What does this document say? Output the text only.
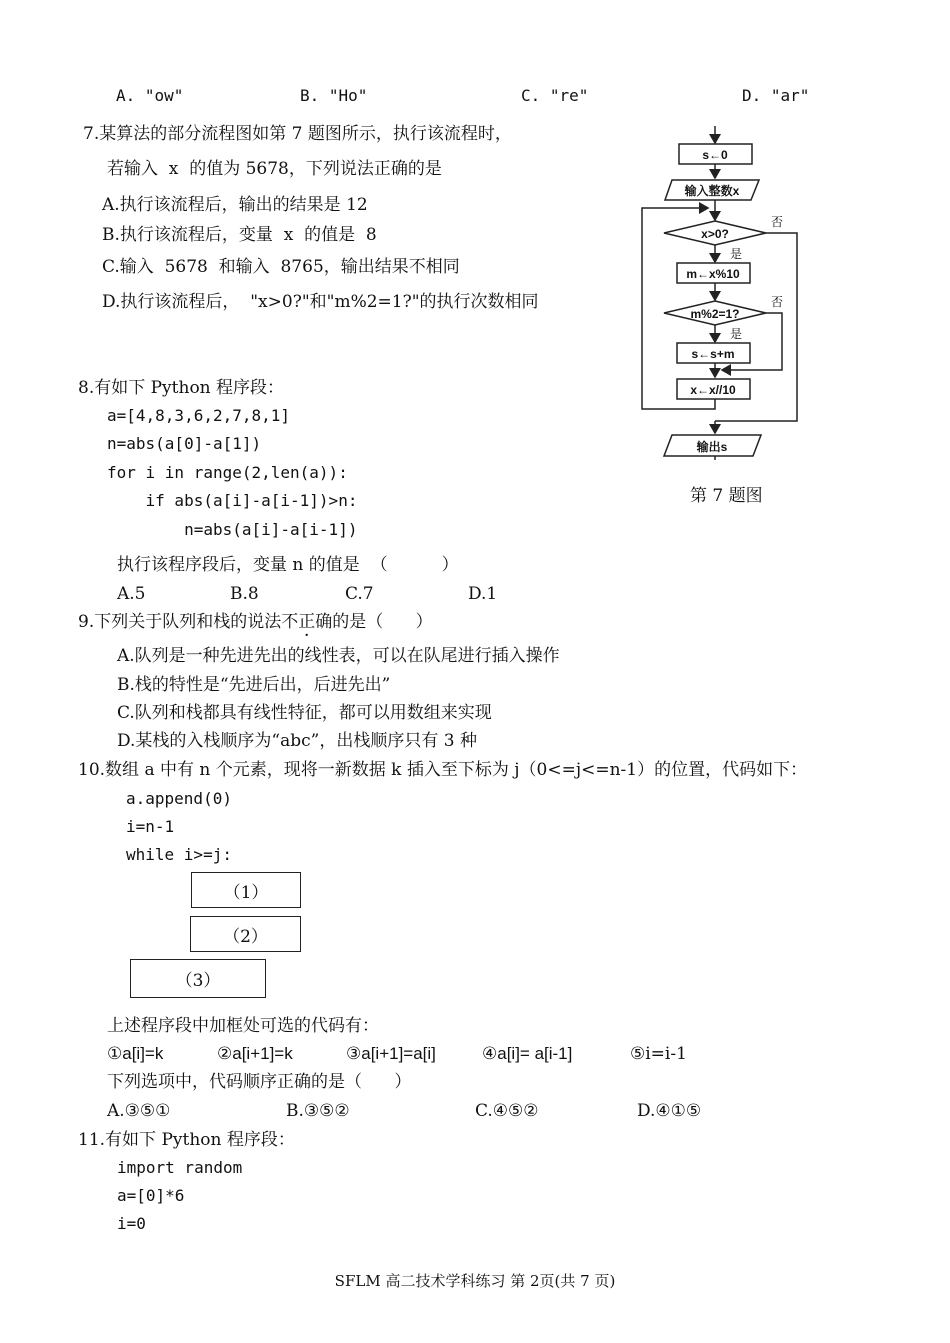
A. "ow"	B. "Ho"	C. "re"	D. "ar"
7.某算法的部分流程图如第 7 题图所示，执行该流程时，
若输入  x  的值为 5678，下列说法正确的是
A.执行该流程后，输出的结果是 12
B.执行该流程后，变量  x  的值是  8
C.输入  5678  和输入  8765，输出结果不相同
D.执行该流程后，  "x>0?"和"m%2=1?"的执行次数相同
s←0
输入整数x
x>0?
否
是
m←x%10
m%2=1?
否
是
s←s+m
x←x//10
输出s
第 7 题图
8.有如下 Python 程序段：
a=[4,8,3,6,2,7,8,1]
n=abs(a[0]-a[1])
for i in range(2,len(a)):
if abs(a[i]-a[i-1])>n:
n=abs(a[i]-a[i-1])
执行该程序段后，变量 n 的值是  （          ）
A.5	B.8	C.7	D.1
9.下列关于队列和栈的说法不正确的是（      ）
A.队列是一种先进先出的线性表，可以在队尾进行插入操作
B.栈的特性是“先进后出，后进先出”
C.队列和栈都具有线性特征，都可以用数组来实现
D.某栈的入栈顺序为“abc”，出栈顺序只有 3 种
10.数组 a 中有 n 个元素，现将一新数据 k 插入至下标为 j（0<=j<=n-1）的位置，代码如下：
a.append(0)
i=n-1
while i>=j:
（1）
（2）
（3）
上述程序段中加框处可选的代码有：
①a[i]=k	②a[i+1]=k	③a[i+1]=a[i]	④a[i]= a[i-1]	⑤i=i-1
下列选项中，代码顺序正确的是（      ）
A.③⑤①	B.③⑤②	C.④⑤②	D.④①⑤
11.有如下 Python 程序段：
import random
a=[0]*6
i=0
SFLM 高二技术学科练习 第 2页(共 7 页)
